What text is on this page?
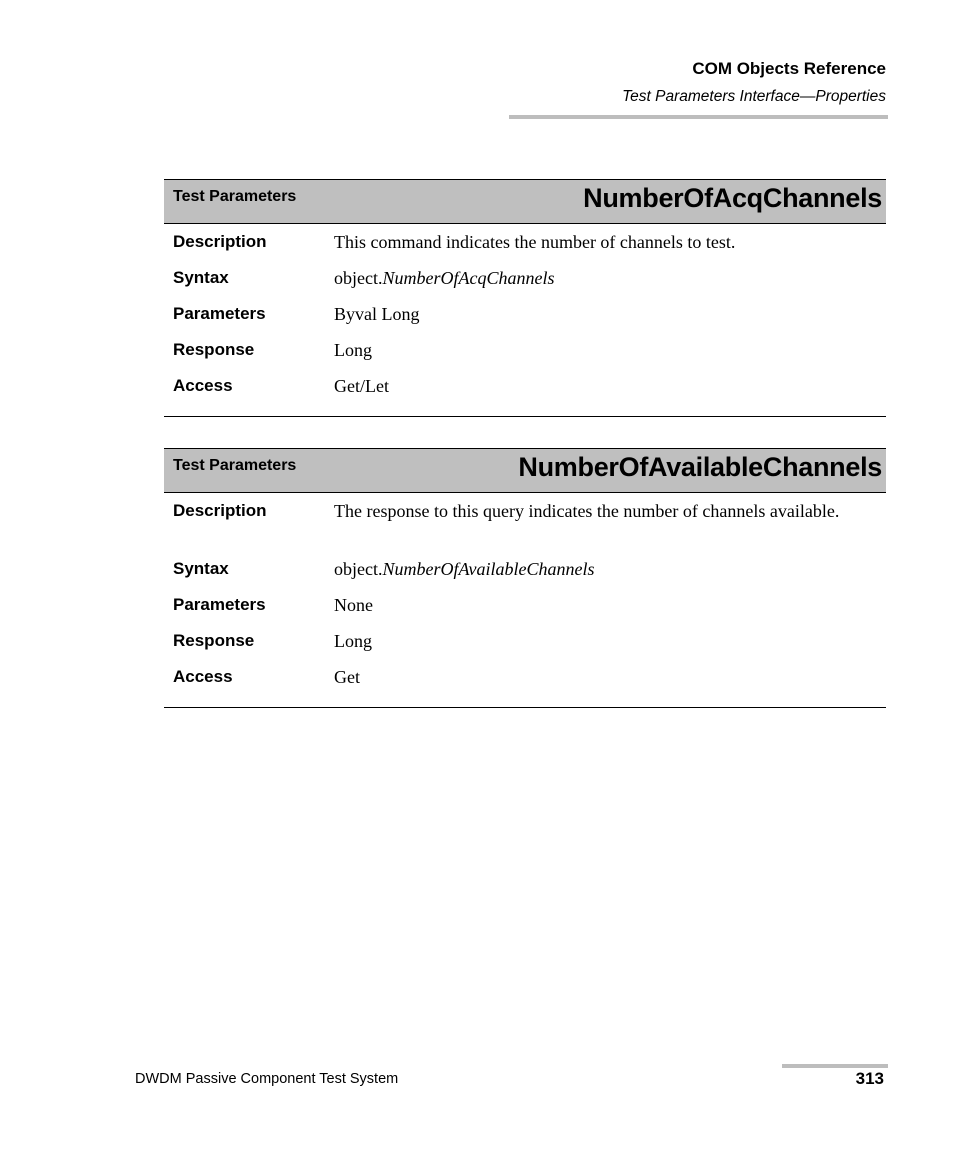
COM Objects Reference
Test Parameters Interface—Properties
Test Parameters	NumberOfAcqChannels
Description	This command indicates the number of channels to test.
Syntax	object.NumberOfAcqChannels
Parameters	Byval Long
Response	Long
Access	Get/Let
Test Parameters	NumberOfAvailableChannels
Description	The response to this query indicates the number of channels available.
Syntax	object.NumberOfAvailableChannels
Parameters	None
Response	Long
Access	Get
DWDM Passive Component Test System	313
